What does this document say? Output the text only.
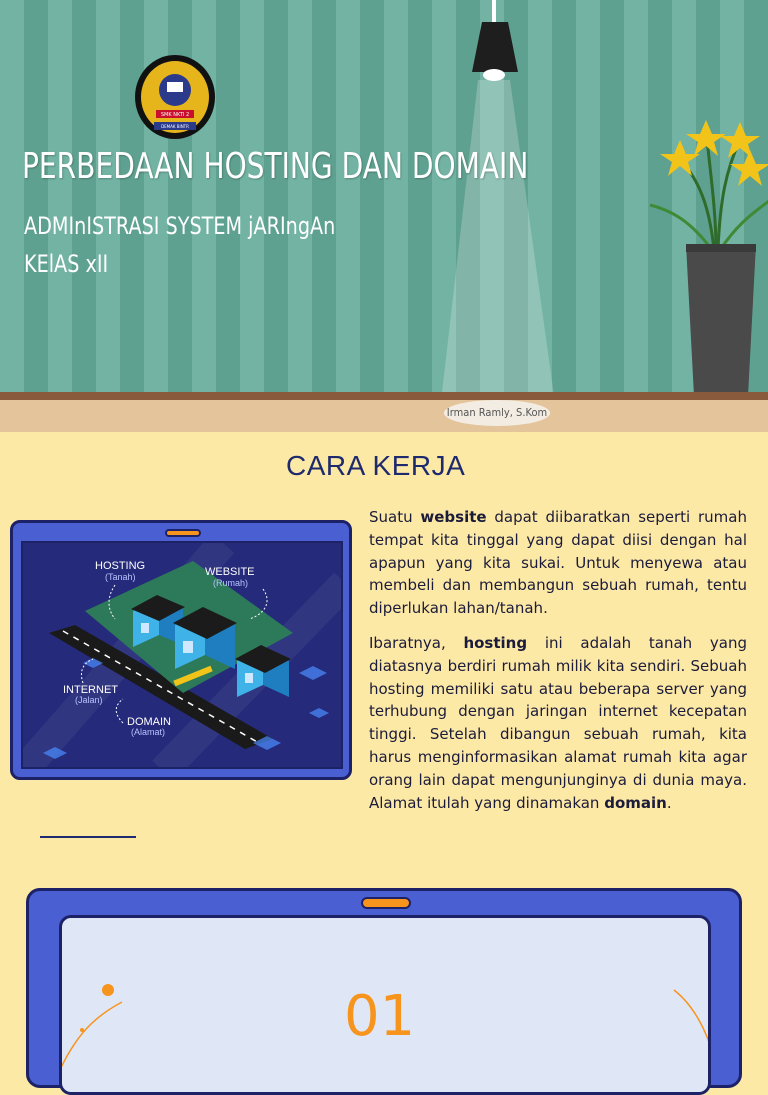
SMK NKTI 2
DEMAK BINTR
PERBEDAAN HOSTING DAN DOMAIN
ADMInISTRASI SYSTEM jARIngAn
KElAS xII
Irman Ramly, S.Kom
CARA KERJA
HOSTING
(Tanah)	WEBSITE
(Rumah)
INTERNET
(Jalan)
DOMAIN
(Alamat)
Suatu website dapat diibaratkan seperti rumah tempat kita tinggal yang dapat diisi dengan hal apapun yang kita sukai. Untuk menyewa atau membeli dan membangun sebuah rumah, tentu diperlukan lahan/tanah.
Ibaratnya, hosting ini adalah tanah yang diatasnya berdiri rumah milik kita sendiri. Sebuah hosting memiliki satu atau beberapa server yang terhubung dengan jaringan internet kecepatan tinggi. Setelah dibangun sebuah rumah, kita harus menginformasikan alamat rumah kita agar orang lain dapat mengunjunginya di dunia maya. Alamat itulah yang dinamakan domain.
01
